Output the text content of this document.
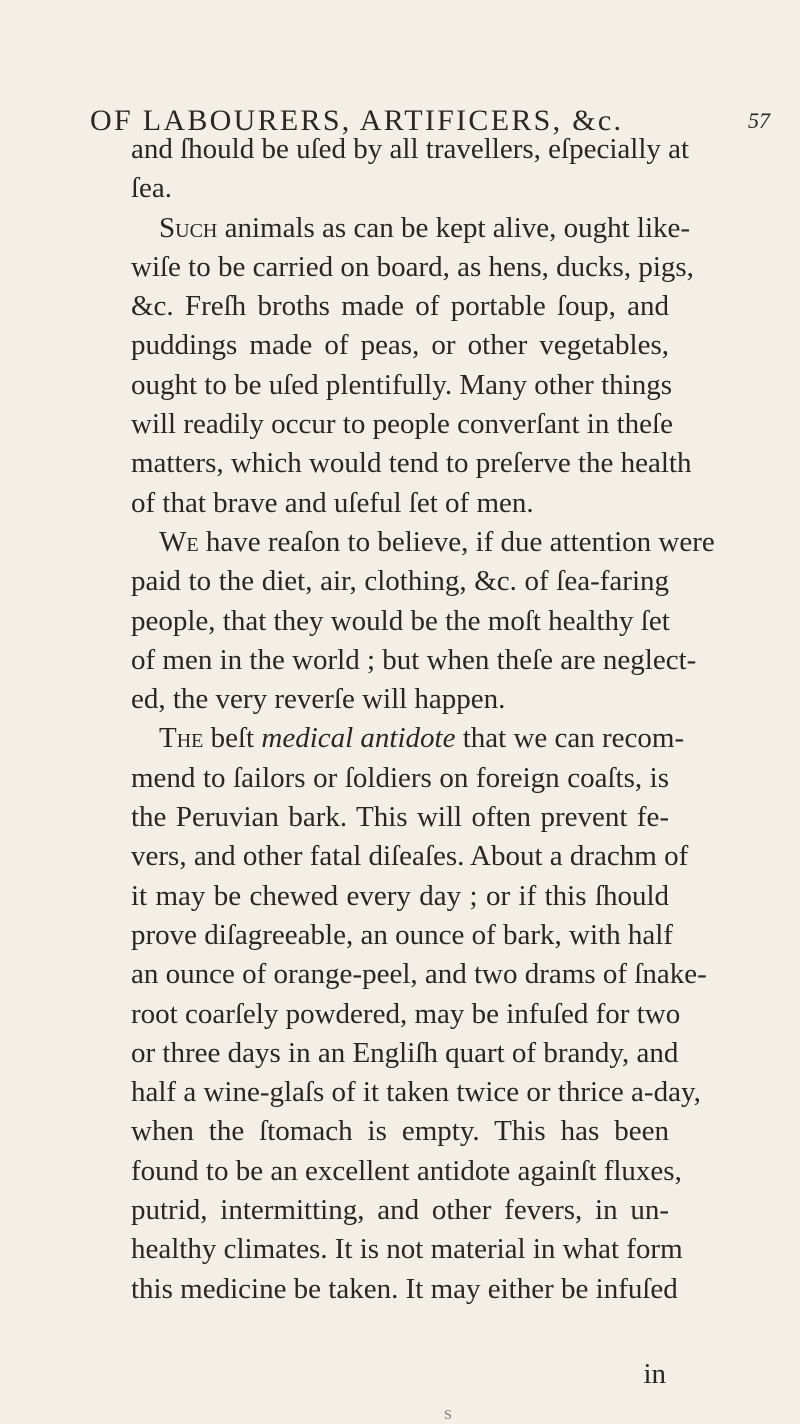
OF LABOURERS, ARTIFICERS, &c.	57
and ſhould be uſed by all travellers, eſpecially at
ſea.
Such animals as can be kept alive, ought like-
wiſe to be carried on board, as hens, ducks, pigs,
&c. Freſh broths made of portable ſoup, and
puddings made of peas, or other vegetables,
ought to be uſed plentifully. Many other things
will readily occur to people converſant in theſe
matters, which would tend to preſerve the health
of that brave and uſeful ſet of men.
We have reaſon to believe, if due attention were
paid to the diet, air, clothing, &c. of ſea-faring
people, that they would be the moſt healthy ſet
of men in the world ; but when theſe are neglect-
ed, the very reverſe will happen.
The beſt medical antidote that we can recom-
mend to ſailors or ſoldiers on foreign coaſts, is
the Peruvian bark. This will often prevent fe-
vers, and other fatal diſeaſes. About a drachm of
it may be chewed every day ; or if this ſhould
prove diſagreeable, an ounce of bark, with half
an ounce of orange-peel, and two drams of ſnake-
root coarſely powdered, may be infuſed for two
or three days in an Engliſh quart of brandy, and
half a wine-glaſs of it taken twice or thrice a-day,
when the ſtomach is empty. This has been
found to be an excellent antidote againſt fluxes,
putrid, intermitting, and other fevers, in un-
healthy climates. It is not material in what form
this medicine be taken. It may either be infuſed
in
S
